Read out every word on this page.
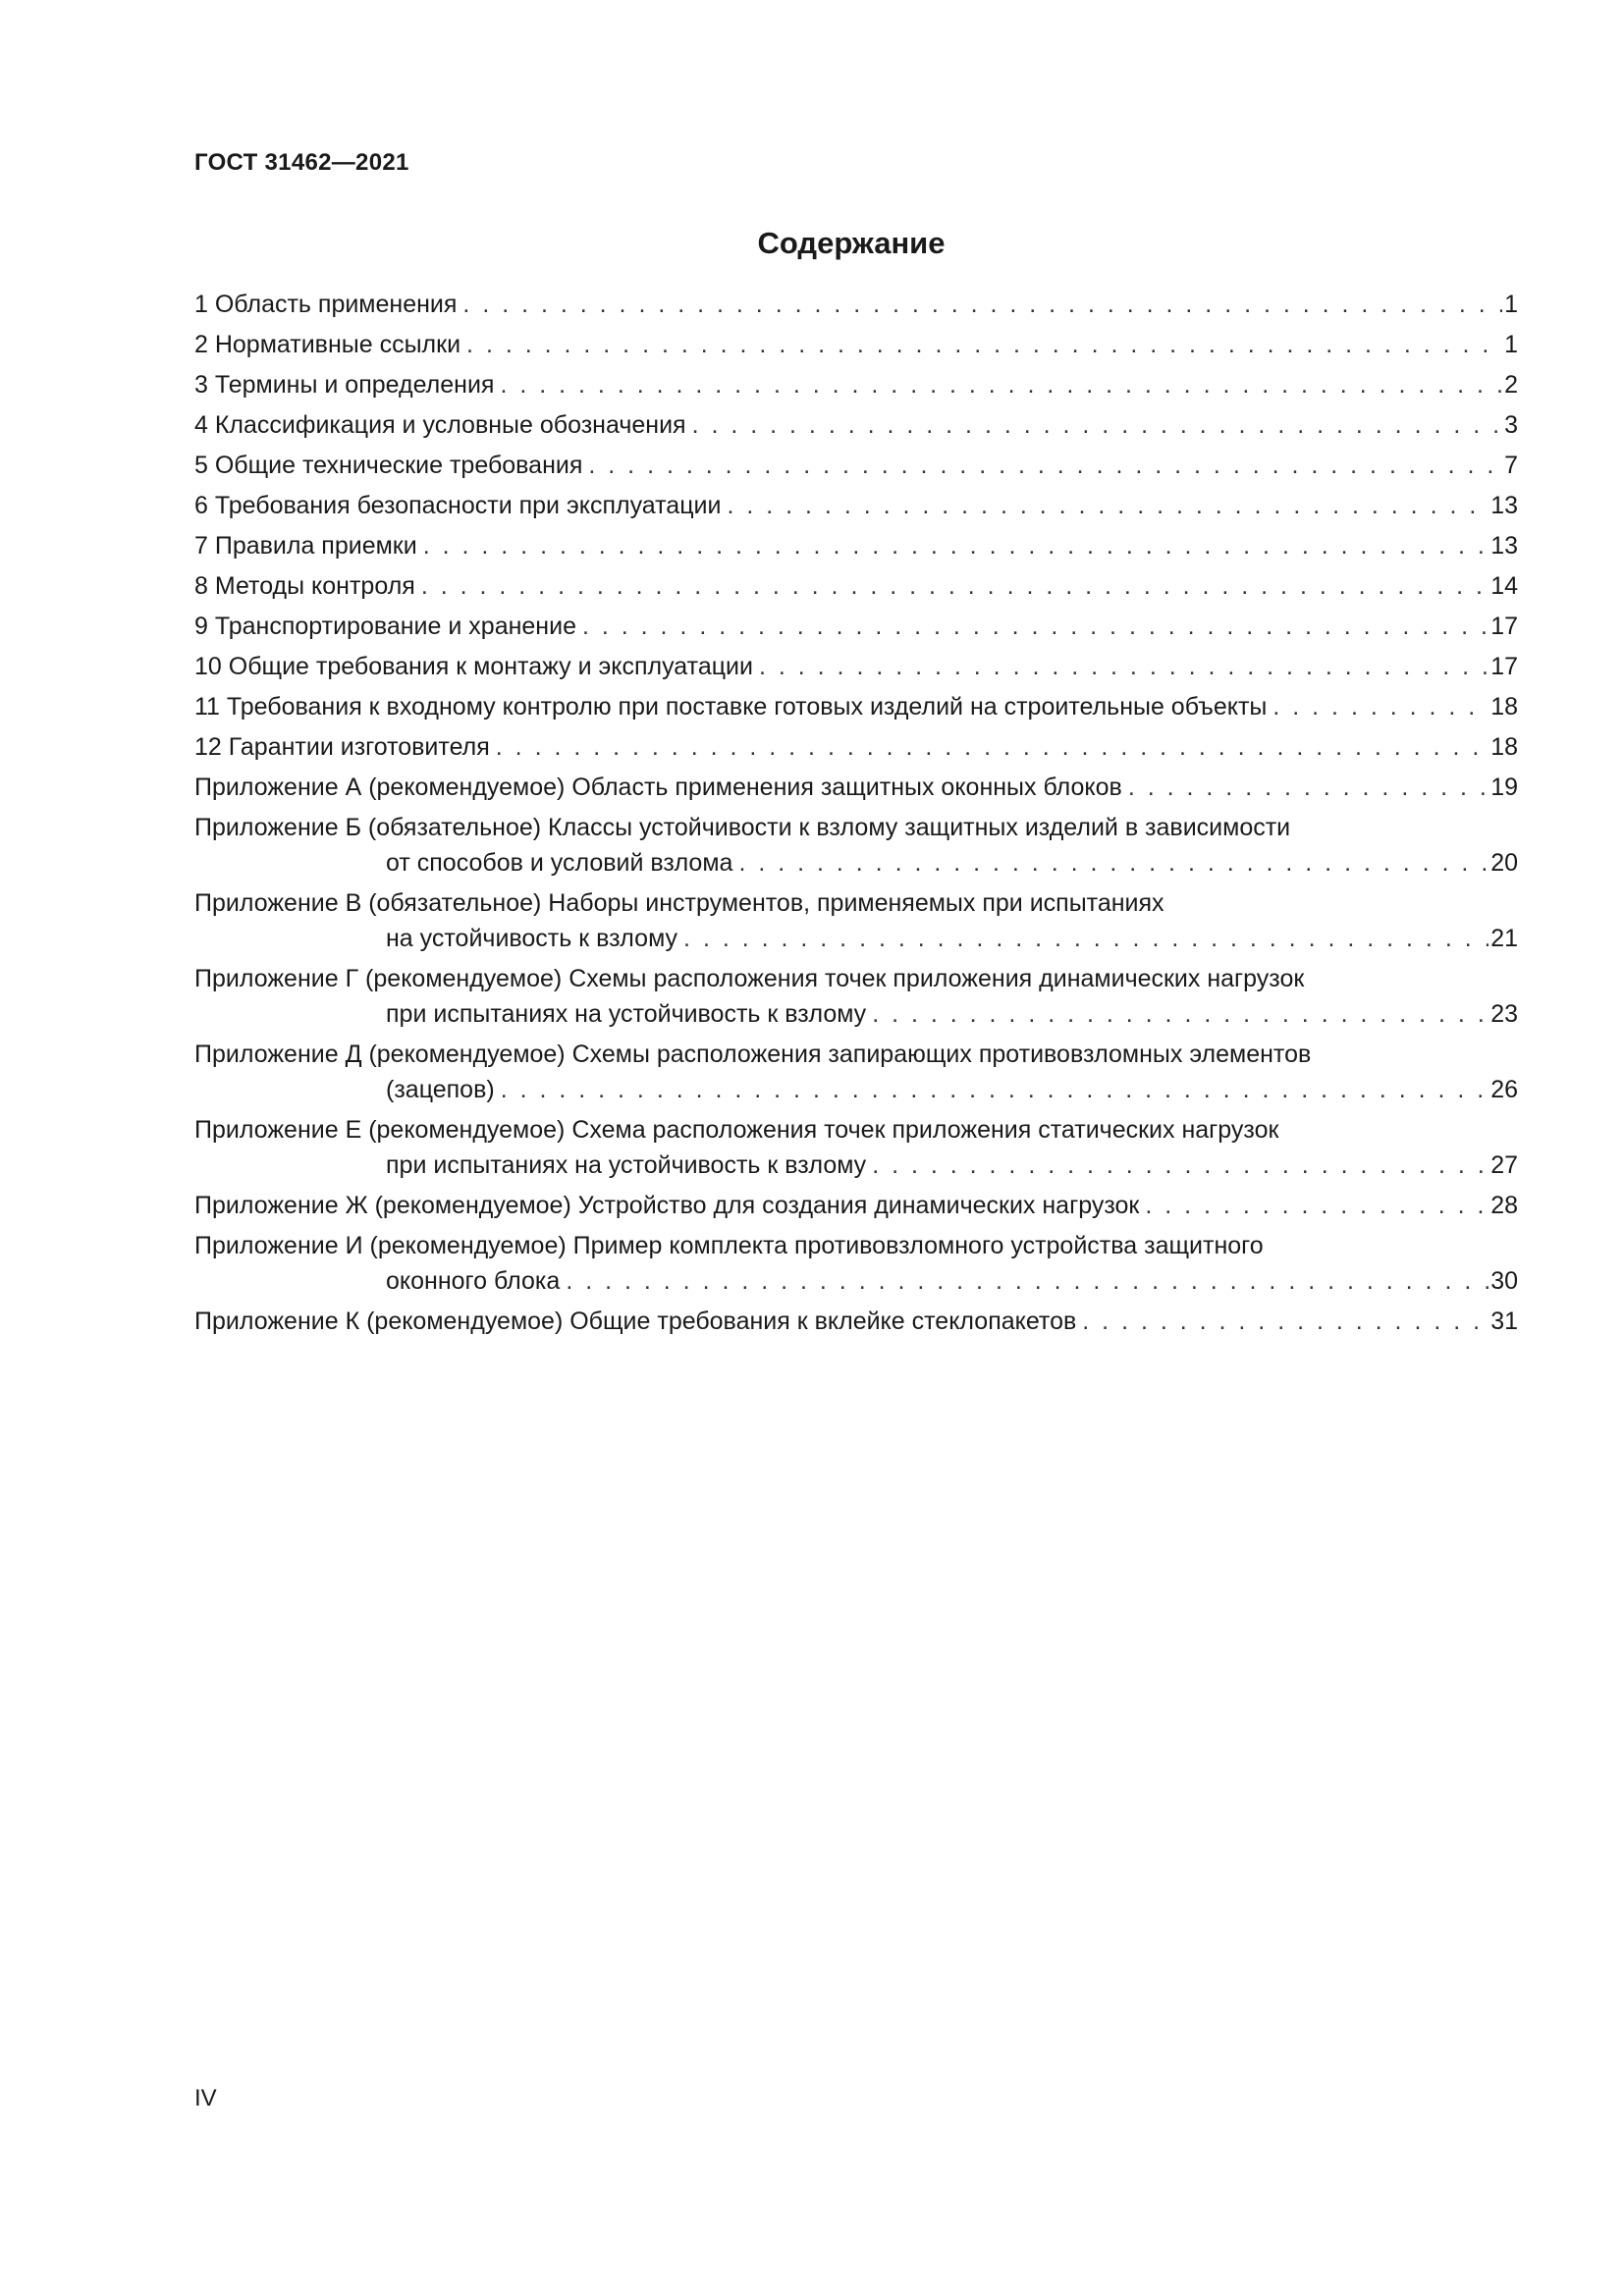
ГОСТ 31462—2021
Содержание
1 Область применения . . .	1
2 Нормативные ссылки . . .	1
3 Термины и определения . . .	2
4 Классификация и условные обозначения . . .	3
5 Общие технические требования . . .	7
6 Требования безопасности при эксплуатации . . .	13
7 Правила приемки . . .	13
8 Методы контроля . . .	14
9 Транспортирование и хранение . . .	17
10 Общие требования к монтажу и эксплуатации . . .	17
11 Требования к входному контролю при поставке готовых изделий на строительные объекты . . .	18
12 Гарантии изготовителя . . .	18
Приложение А (рекомендуемое) Область применения защитных оконных блоков . . .	19
Приложение Б (обязательное) Классы устойчивости к взлому защитных изделий в зависимости
от способов и условий взлома . . .	20
Приложение В (обязательное) Наборы инструментов, применяемых при испытаниях
на устойчивость к взлому . . .	21
Приложение Г (рекомендуемое) Схемы расположения точек приложения динамических нагрузок
при испытаниях на устойчивость к взлому . . .	23
Приложение Д (рекомендуемое) Схемы расположения запирающих противовзломных элементов
(зацепов) . . .	26
Приложение Е (рекомендуемое) Схема расположения точек приложения статических нагрузок
при испытаниях на устойчивость к взлому . . .	27
Приложение Ж (рекомендуемое) Устройство для создания динамических нагрузок . . .	28
Приложение И (рекомендуемое) Пример комплекта противовзломного устройства защитного
оконного блока . . .	30
Приложение К (рекомендуемое) Общие требования к вклейке стеклопакетов . . .	31
IV
